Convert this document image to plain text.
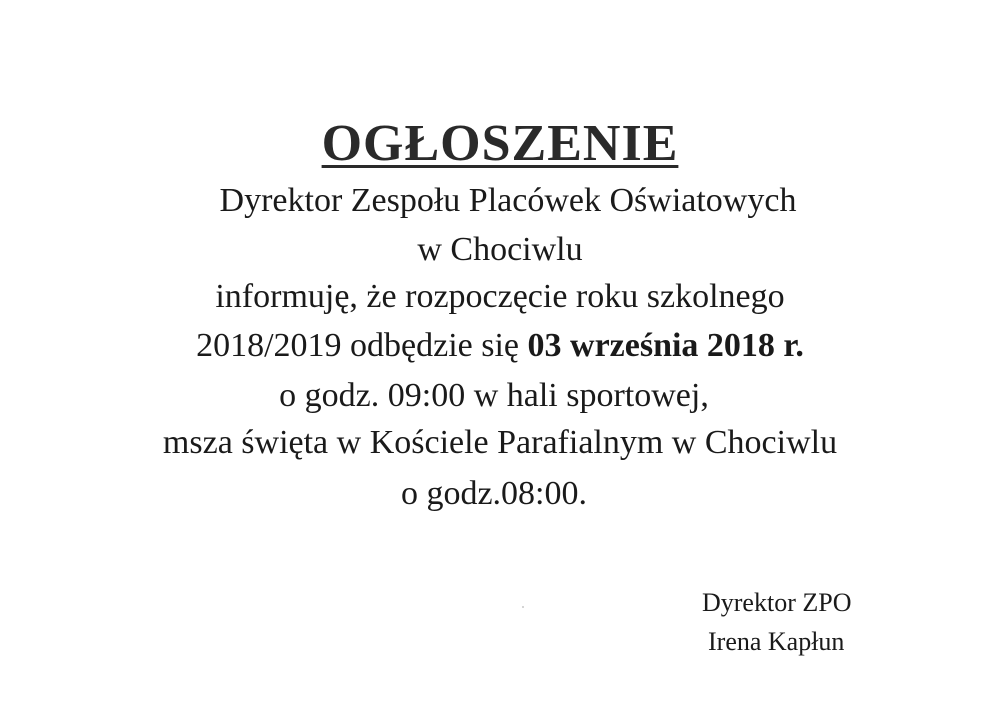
OGŁOSZENIE
Dyrektor Zespołu Placówek Oświatowych
w Chociwlu
informuję, że rozpoczęcie roku szkolnego
2018/2019 odbędzie się 03 września 2018 r.
o godz. 09:00 w hali sportowej,
msza święta w Kościele Parafialnym w Chociwlu
o godz.08:00.
Dyrektor ZPO
Irena Kapłun
